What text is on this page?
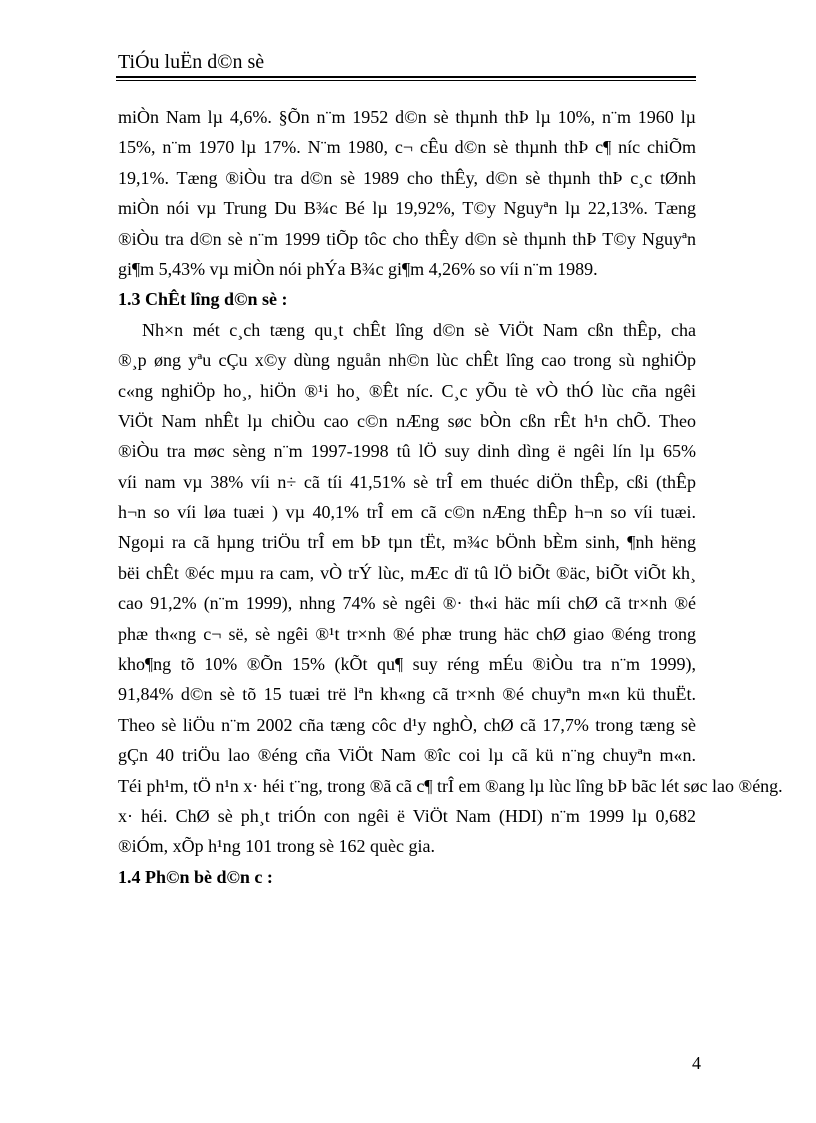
TiÓu luËn d©n sè
miÒn Nam lµ 4,6%. §Õn n¨m 1952 d©n sè thµnh thÞ lµ 10%, n¨m 1960 lµ
15%, n¨m 1970 lµ 17%. N¨m 1980, c¬ cÊu d©n sè thµnh thÞ c¶ níc chiÕm
19,1%. Tæng ®iÒu tra d©n sè 1989 cho thÊy, d©n sè thµnh thÞ c¸c tØnh
miÒn nói vµ Trung Du B¾c Bé lµ 19,92%, T©y Nguyªn lµ 22,13%. Tæng
®iÒu tra d©n sè n¨m 1999 tiÕp tôc cho thÊy d©n sè thµnh thÞ T©y Nguyªn
gi¶m 5,43% vµ miÒn nói phÝa B¾c gi¶m 4,26% so víi n¨m 1989.
1.3 ChÊt lîng d©n sè :
Nh×n mét c¸ch tæng qu¸t chÊt lîng d©n sè ViÖt Nam cßn thÊp, cha
®¸p øng yªu cÇu x©y dùng nguån nh©n lùc chÊt lîng cao trong sù nghiÖp
c«ng nghiÖp ho¸, hiÖn ®¹i ho¸ ®Êt níc. C¸c yÕu tè vÒ thÓ lùc cña ngêi
ViÖt Nam nhÊt lµ chiÒu cao c©n nÆng søc bÒn cßn rÊt h¹n chÕ. Theo
®iÒu tra møc sèng n¨m 1997-1998 tû lÖ suy dinh dìng ë ngêi lín lµ 65%
víi nam vµ 38% víi n÷ cã tíi 41,51% sè trÎ em thuéc diÖn thÊp, cßi (thÊp
h¬n so víi løa tuæi ) vµ 40,1% trÎ em cã c©n nÆng thÊp h¬n so víi tuæi.
Ngoµi ra cã hµng triÖu trÎ em bÞ tµn tËt, m¾c bÖnh bÈm sinh, ¶nh hëng
bëi chÊt ®éc mµu ra cam, vÒ trÝ lùc, mÆc dï tû lÖ biÕt ®äc, biÕt viÕt kh¸
cao 91,2% (n¨m 1999), nhng 74% sè ngêi ®· th«i häc míi chØ cã tr×nh ®é
phæ th«ng c¬ së, sè ngêi ®¹t tr×nh ®é phæ trung häc chØ giao ®éng trong
kho¶ng tõ 10% ®Õn 15% (kÕt qu¶ suy réng mÉu ®iÒu tra n¨m 1999),
91,84% d©n sè tõ 15 tuæi trë lªn kh«ng cã tr×nh ®é chuyªn m«n kü thuËt.
Theo sè liÖu n¨m 2002 cña tæng côc d¹y nghÒ, chØ cã 17,7% trong tæng sè
gÇn 40 triÖu lao ®éng cña ViÖt Nam ®îc coi lµ cã kü n¨ng chuyªn m«n.
Téi ph¹m, tÖ n¹n x· héi t¨ng, trong ®ã cã c¶ trÎ em ®ang lµ lùc lîng bÞ bãc lét søc lao ®éng.
x· héi. ChØ sè ph¸t triÓn con ngêi ë ViÖt Nam (HDI) n¨m 1999 lµ 0,682
®iÓm, xÕp h¹ng 101 trong sè 162 quèc gia.
1.4 Ph©n bè d©n c :
4
